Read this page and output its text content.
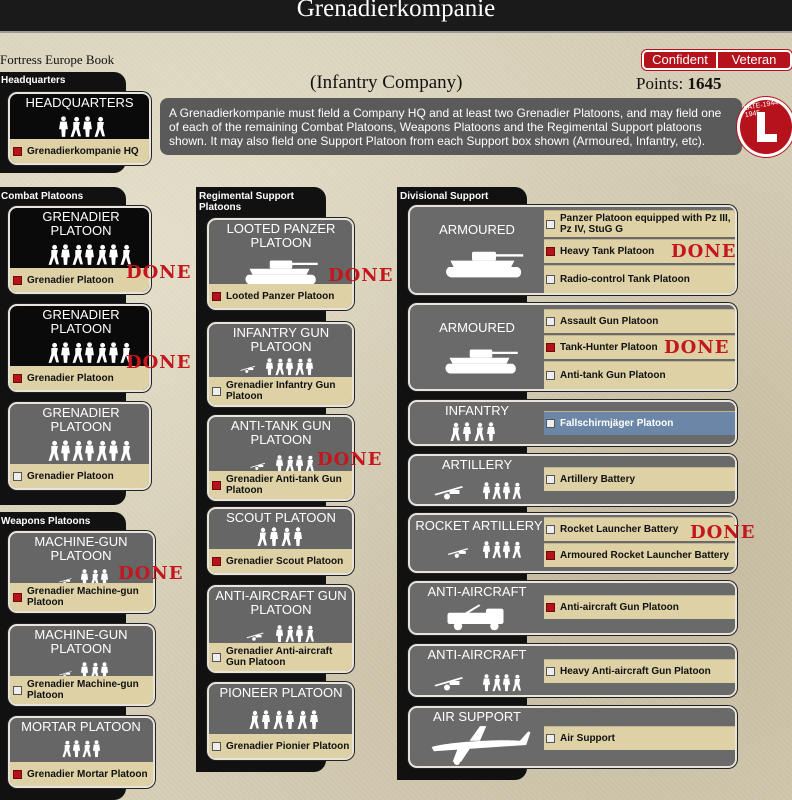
Grenadierkompanie
Fortress Europe Book	Confident	Veteran
(Infantry Company)	Points: 1645
A Grenadierkompanie must field a Company HQ and at least two Grenadier Platoons, and may field one of each of the remaining Combat Platoons, Weapons Platoons and the Regimental Support platoons shown. It may also field one Support Platoon from each Support box shown (Armoured, Infantry, etc).
LATE-1944-1945
Headquarters
HEADQUARTERS
Grenadierkompanie HQ
Combat Platoons
GRENADIER PLATOON
Grenadier Platoon DONE
GRENADIER PLATOON
Grenadier Platoon
DONE
GRENADIER PLATOON
Grenadier Platoon
Weapons Platoons
MACHINE-GUN PLATOON
Grenadier Machine-gun Platoon
DONE
MACHINE-GUN PLATOON
Grenadier Machine-gun Platoon
MORTAR PLATOON
Grenadier Mortar Platoon
Regimental Support Platoons
LOOTED PANZER PLATOON
Looted Panzer Platoon
DONE
INFANTRY GUN PLATOON
Grenadier Infantry Gun Platoon
ANTI-TANK GUN PLATOON
Grenadier Anti-tank Gun Platoon
DONE
SCOUT PLATOON
Grenadier Scout Platoon
ANTI-AIRCRAFT GUN PLATOON
Grenadier Anti-aircraft Gun Platoon
PIONEER PLATOON
Grenadier Pionier Platoon
Divisional Support
ARMOURED
Panzer Platoon equipped with Pz III, Pz IV, StuG G
Heavy Tank Platoon
Radio-control Tank Platoon
DONE
ARMOURED	Assault Gun Platoon
Tank-Hunter Platoon
Anti-tank Gun Platoon
DONE
INFANTRY
Fallschirmjäger Platoon
ARTILLERY
Artillery Battery
ROCKET ARTILLERY	Rocket Launcher Battery
Armoured Rocket Launcher Battery
DONE
ANTI-AIRCRAFT
Anti-aircraft Gun Platoon
ANTI-AIRCRAFT
Heavy Anti-aircraft Gun Platoon
AIR SUPPORT
Air Support
